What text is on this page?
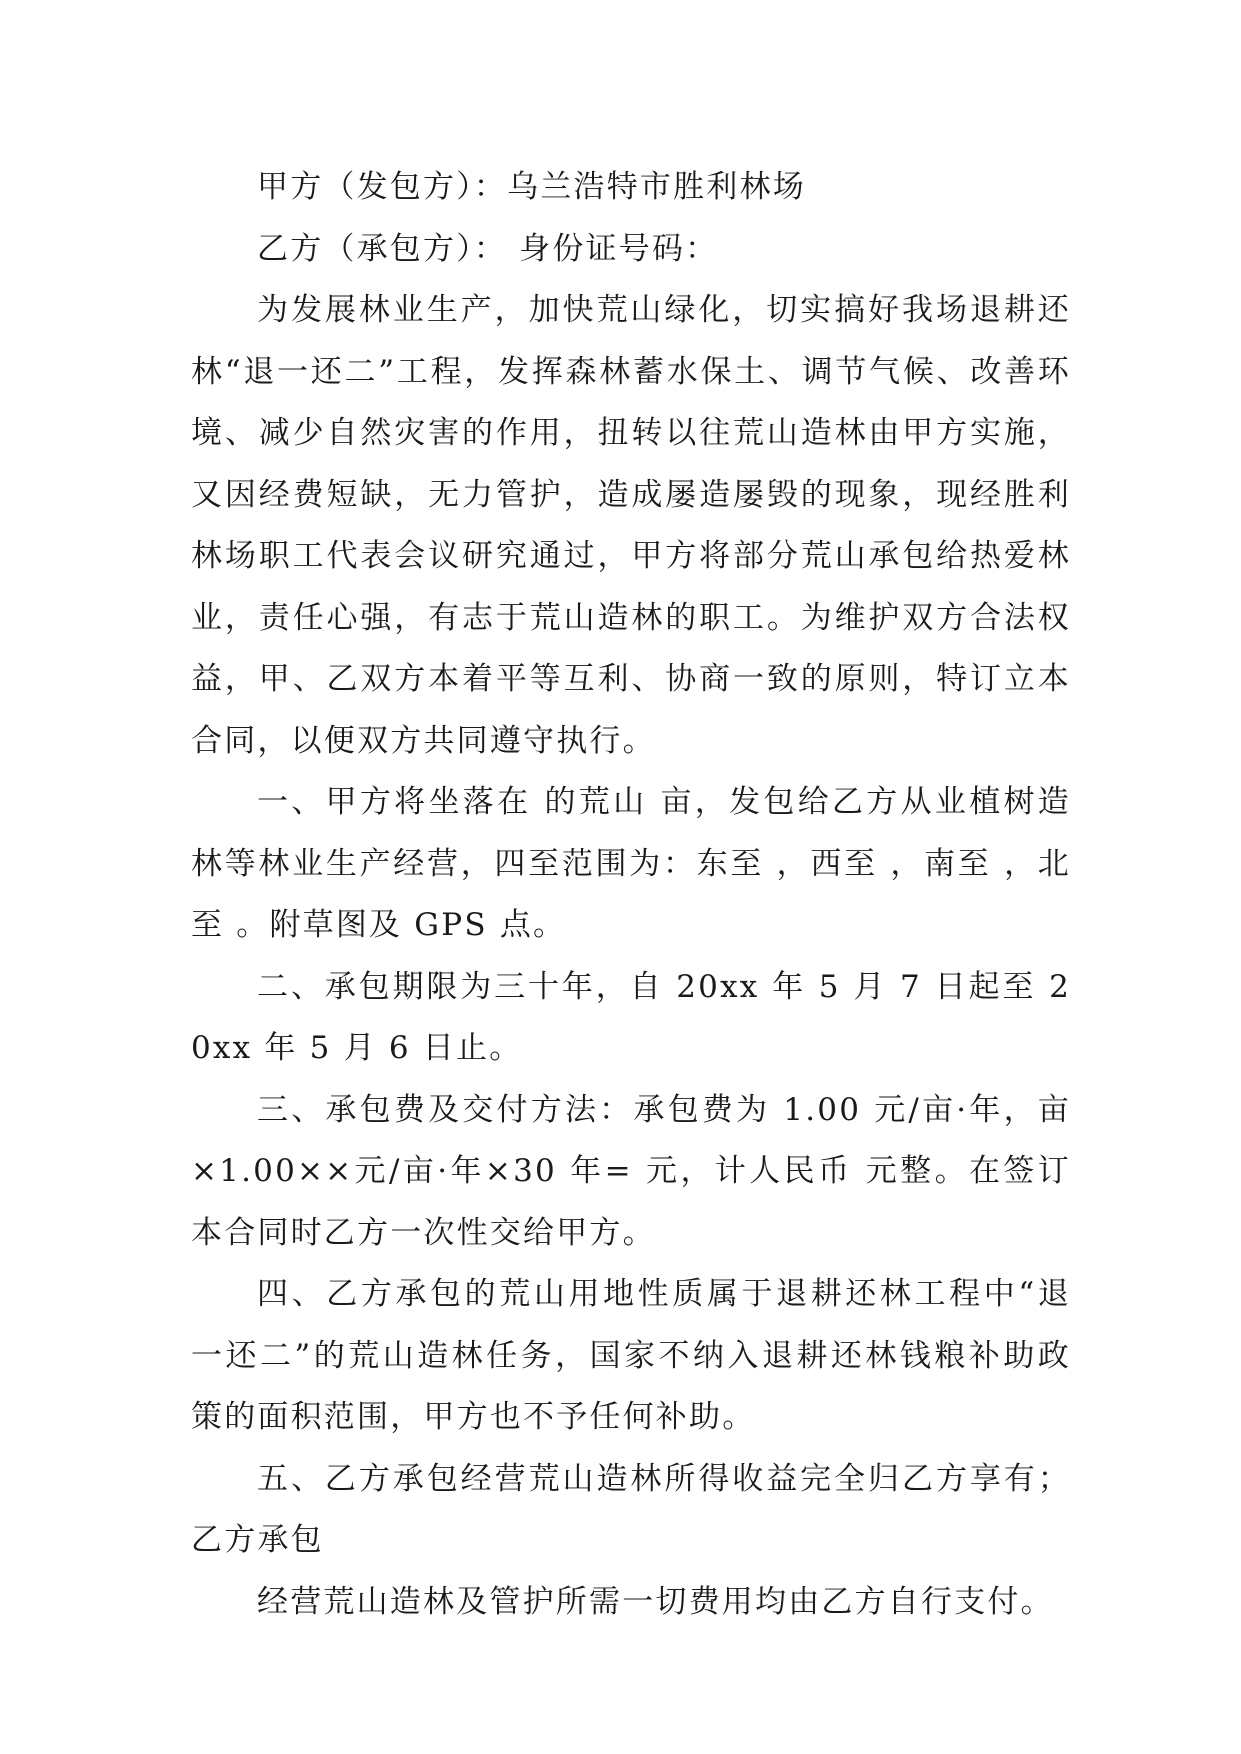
甲方（发包方）：乌兰浩特市胜利林场

乙方（承包方）： 身份证号码：

为发展林业生产，加快荒山绿化，切实搞好我场退耕还林“退一还二”工程，发挥森林蓄水保土、调节气候、改善环境、减少自然灾害的作用，扭转以往荒山造林由甲方实施，又因经费短缺，无力管护，造成屡造屡毁的现象，现经胜利林场职工代表会议研究通过，甲方将部分荒山承包给热爱林业，责任心强，有志于荒山造林的职工。为维护双方合法权益，甲、乙双方本着平等互利、协商一致的原则，特订立本合同，以便双方共同遵守执行。

一、甲方将坐落在 的荒山 亩，发包给乙方从业植树造林等林业生产经营，四至范围为：东至 ，西至 ，南至 ，北至 。附草图及 GPS 点。

二、承包期限为三十年，自 20xx 年 5 月 7 日起至 20xx 年 5 月 6 日止。

三、承包费及交付方法：承包费为 1.00 元/亩·年，亩×1.00××元/亩·年×30 年= 元，计人民币 元整。在签订本合同时乙方一次性交给甲方。

四、乙方承包的荒山用地性质属于退耕还林工程中“退一还二”的荒山造林任务，国家不纳入退耕还林钱粮补助政策的面积范围，甲方也不予任何补助。

五、乙方承包经营荒山造林所得收益完全归乙方享有；乙方承包

经营荒山造林及管护所需一切费用均由乙方自行支付。
